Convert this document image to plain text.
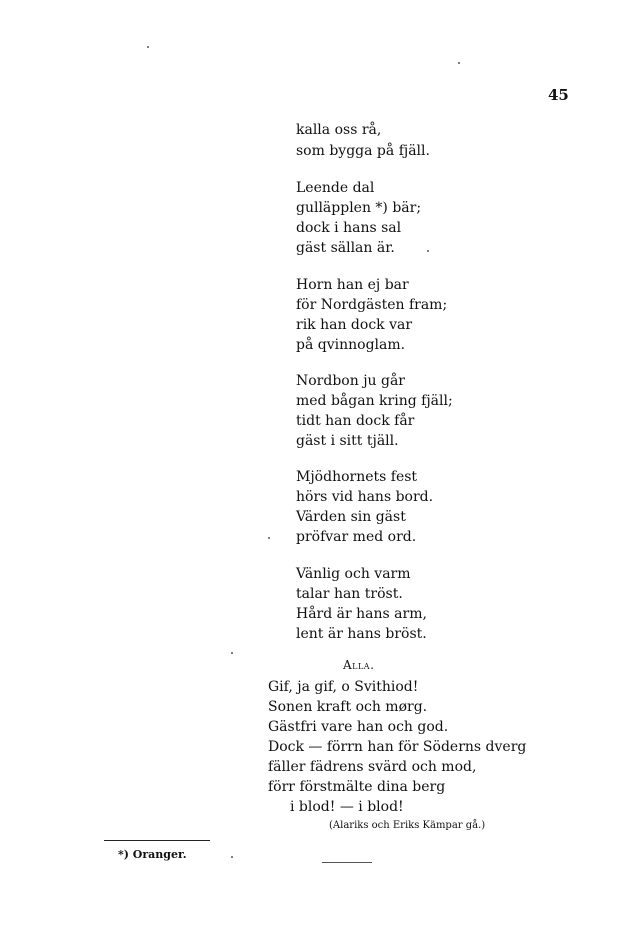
45
kalla oss rå,
som bygga på fjäll.
Leende dal
gulläpplen *) bär;
dock i hans sal
gäst sällan är.
Horn han ej bar
för Nordgästen fram;
rik han dock var
på qvinnoglam.
Nordbon ju går
med bågan kring fjäll;
tidt han dock får
gäst i sitt tjäll.
Mjödhornets fest
hörs vid hans bord.
Värden sin gäst
pröfvar med ord.
Vänlig och varm
talar han tröst.
Hård är hans arm,
lent är hans bröst.
Alla.
Gif, ja gif, o Svithiod!
Sonen kraft och mørg.
Gästfri vare han och god.
Dock — förrn han för Söderns dverg
fäller fädrens svärd och mod,
förr förstmälte dina berg
i blod! — i blod!
(Alariks och Eriks Kämpar gå.)
*) Oranger.
